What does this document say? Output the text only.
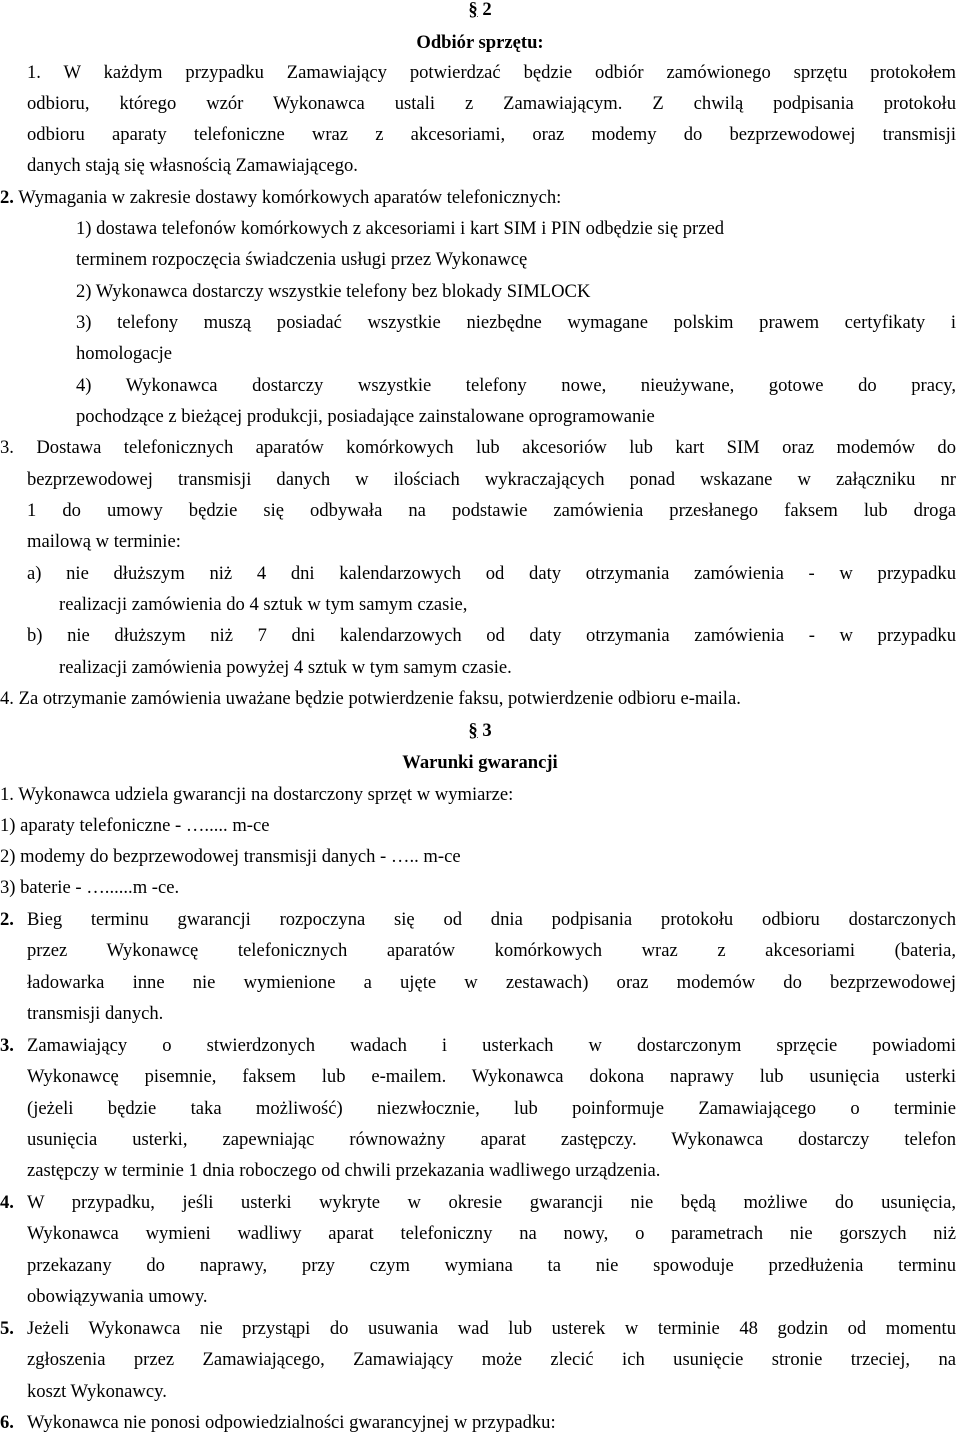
§ 2
Odbiór sprzętu:
1. W każdym przypadku Zamawiający potwierdzać będzie odbiór zamówionego sprzętu protokołem
odbioru, którego wzór Wykonawca ustali z Zamawiającym. Z chwilą podpisania protokołu
odbioru aparaty telefoniczne wraz z akcesoriami, oraz modemy do bezprzewodowej transmisji
danych stają się własnością Zamawiającego.
2. Wymagania w zakresie dostawy komórkowych aparatów telefonicznych:
1) dostawa telefonów komórkowych z akcesoriami i kart SIM i PIN odbędzie się przed
terminem rozpoczęcia świadczenia usługi przez Wykonawcę
2) Wykonawca dostarczy wszystkie telefony bez blokady SIMLOCK
3) telefony muszą posiadać wszystkie niezbędne wymagane polskim prawem certyfikaty i
homologacje
4) Wykonawca dostarczy wszystkie telefony nowe, nieużywane, gotowe do pracy,
pochodzące z bieżącej produkcji, posiadające zainstalowane oprogramowanie
3. Dostawa telefonicznych aparatów komórkowych lub akcesoriów lub kart SIM oraz modemów do
bezprzewodowej transmisji danych w ilościach wykraczających ponad wskazane w załączniku nr
1 do umowy będzie się odbywała na podstawie zamówienia przesłanego faksem lub droga
mailową w terminie:
a) nie dłuższym niż 4 dni kalendarzowych od daty otrzymania zamówienia - w przypadku
realizacji zamówienia do 4 sztuk w tym samym czasie,
b) nie dłuższym niż 7 dni kalendarzowych od daty otrzymania zamówienia - w przypadku
realizacji zamówienia powyżej 4 sztuk w tym samym czasie.
4. Za otrzymanie zamówienia uważane będzie potwierdzenie faksu, potwierdzenie odbioru e-maila.
§ 3
Warunki gwarancji
1. Wykonawca udziela gwarancji na dostarczony sprzęt w wymiarze:
1) aparaty telefoniczne - …..... m-ce
2) modemy do bezprzewodowej transmisji danych - ….. m-ce
3) baterie - …......m -ce.
2. Bieg terminu gwarancji rozpoczyna się od dnia podpisania protokołu odbioru dostarczonych
przez Wykonawcę telefonicznych aparatów komórkowych wraz z akcesoriami (bateria,
ładowarka inne nie wymienione a ujęte w zestawach) oraz modemów do bezprzewodowej
transmisji danych.
3. Zamawiający o stwierdzonych wadach i usterkach w dostarczonym sprzęcie powiadomi
Wykonawcę pisemnie, faksem lub e-mailem. Wykonawca dokona naprawy lub usunięcia usterki
(jeżeli będzie taka możliwość) niezwłocznie, lub poinformuje Zamawiającego o terminie
usunięcia usterki, zapewniając równoważny aparat zastępczy. Wykonawca dostarczy telefon
zastępczy w terminie 1 dnia roboczego od chwili przekazania wadliwego urządzenia.
4. W przypadku, jeśli usterki wykryte w okresie gwarancji nie będą możliwe do usunięcia,
Wykonawca wymieni wadliwy aparat telefoniczny na nowy, o parametrach nie gorszych niż
przekazany do naprawy, przy czym wymiana ta nie spowoduje przedłużenia terminu
obowiązywania umowy.
5. Jeżeli Wykonawca nie przystąpi do usuwania wad lub usterek w terminie 48 godzin od momentu
zgłoszenia przez Zamawiającego, Zamawiający może zlecić ich usunięcie stronie trzeciej, na
koszt Wykonawcy.
6. Wykonawca nie ponosi odpowiedzialności gwarancyjnej w przypadku:
